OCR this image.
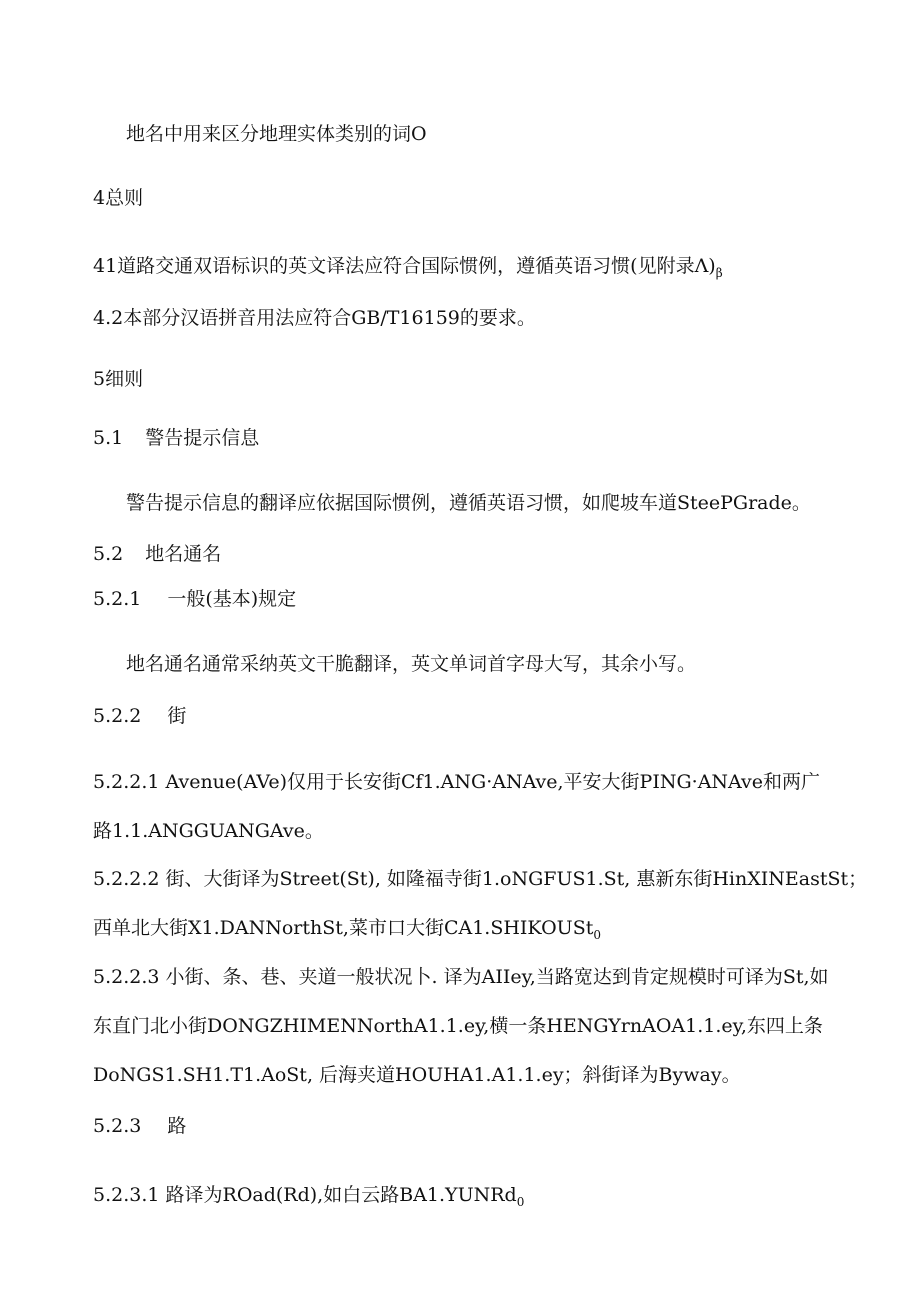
地名中用来区分地理实体类别的词O

4总则

41道路交通双语标识的英文译法应符合国际惯例，遵循英语习惯(见附录$\Lambda)_\beta$

4.2本部分汉语拼音用法应符合GB/T16159的要求。

5细则

5.1 警告提示信息

警告提示信息的翻译应依据国际惯例，遵循英语习惯，如爬坡车道SteePGrade。

5.2 地名通名

5.2.1 一般(基本)规定

地名通名通常采纳英文干脆翻译，英文单词首字母大写，其余小写。

5.2.2 街

5.2.2.1 Avenue(AVe)仅用于长安街Cf1.ANG·ANAve,平安大街PING·ANAve和两广

路1.1.ANGGUANGAve。

5.2.2.2 街、大街译为Street(St), 如隆福寺街1.oNGFUS1.St, 惠新东街HinXINEastSt；

西单北大街X1.DANNorthSt,菜市口大街CA1.SHIKOUSt$_0$

5.2.2.3 小街、条、巷、夹道一般状况卜. 译为AIIey,当路宽达到肯定规模时可译为St,如

东直门北小街DONGZHIMENNorthA1.1.ey,横一条HENGYrnAOA1.1.ey,东四上条

DoNGS1.SH1.T1.AoSt, 后海夹道HOUHA1.A1.1.ey；斜街译为Byway。

5.2.3 路

5.2.3.1 路译为ROad(Rd),如白云路BA1.YUNRd$_0$
